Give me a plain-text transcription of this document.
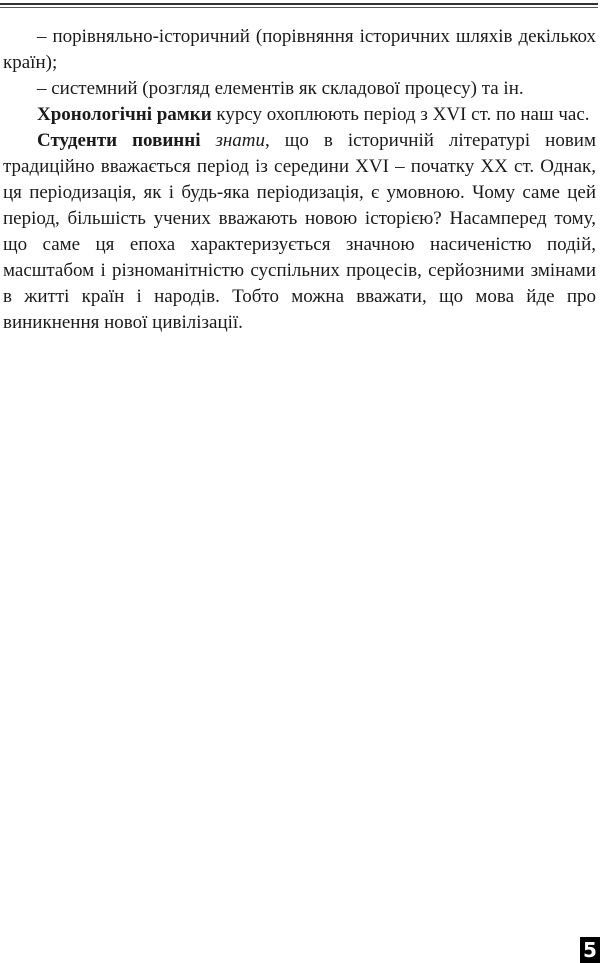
– порівняльно-історичний (порівняння історичних шляхів декількох країн);

– системний (розгляд елементів як складової процесу) та ін.

Хронологічні рамки курсу охоплюють період з XVI ст. по наш час.

Студенти повинні знати, що в історичній літературі новим традиційно вважається період із середини XVI – початку XX ст. Однак, ця періодизація, як і будь-яка періодизація, є умовною. Чому саме цей період, більшість учених вважають новою історією? Насамперед тому, що саме ця епоха характеризується значною насиченістю подій, масштабом і різноманітністю суспільних процесів, серйозними змінами в житті країн і народів. Тобто можна вважати, що мова йде про виникнення нової цивілізації.

5
